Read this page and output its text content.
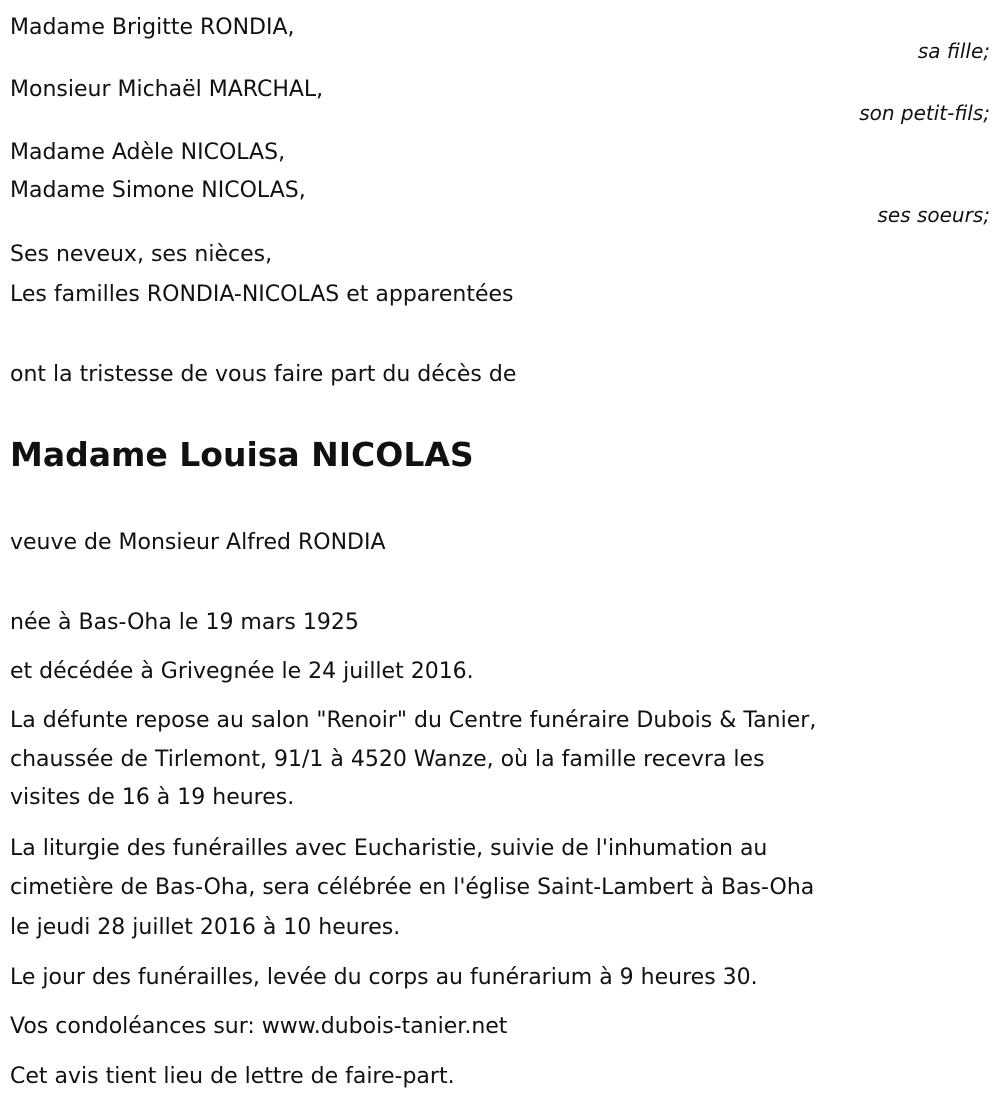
Madame Brigitte RONDIA,
sa fille;
Monsieur Michaël MARCHAL,
son petit-fils;
Madame Adèle NICOLAS,
Madame Simone NICOLAS,
ses soeurs;
Ses neveux, ses nièces,
Les familles RONDIA-NICOLAS et apparentées
ont la tristesse de vous faire part du décès de
Madame Louisa NICOLAS
veuve de Monsieur Alfred RONDIA
née à Bas-Oha le 19 mars 1925
et décédée à Grivegnée le 24 juillet 2016.
La défunte repose au salon "Renoir" du Centre funéraire Dubois & Tanier,
chaussée de Tirlemont, 91/1 à 4520 Wanze, où la famille recevra les
visites de 16 à 19 heures.
La liturgie des funérailles avec Eucharistie, suivie de l'inhumation au
cimetière de Bas-Oha, sera célébrée en l'église Saint-Lambert à Bas-Oha
le jeudi 28 juillet 2016 à 10 heures.
Le jour des funérailles, levée du corps au funérarium à 9 heures 30.
Vos condoléances sur: www.dubois-tanier.net
Cet avis tient lieu de lettre de faire-part.
